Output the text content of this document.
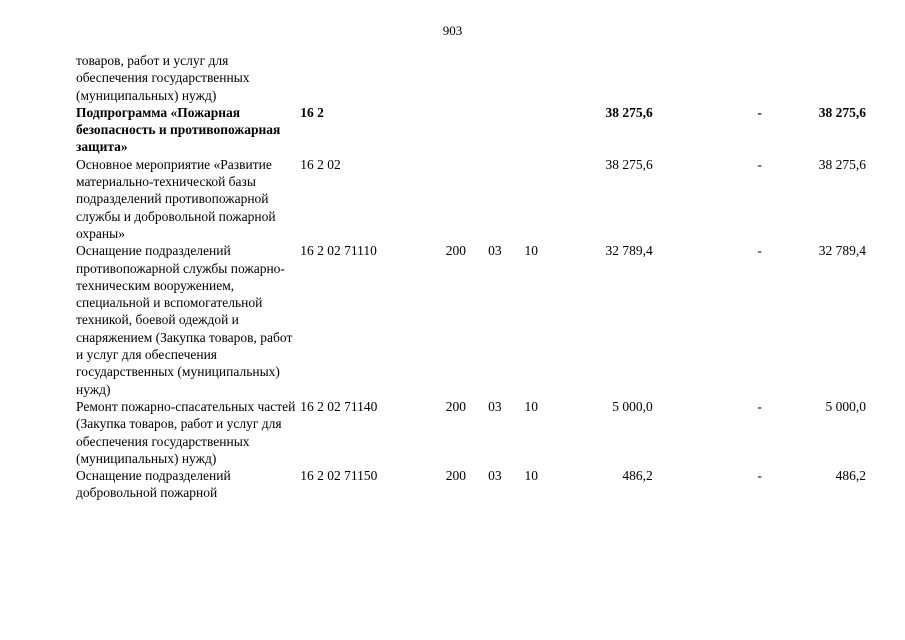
903
товаров, работ и услуг для обеспечения государственных (муниципальных) нужд)							
Подпрограмма «Пожарная безопасность и противопожарная защита»	16 2				38 275,6	-	38 275,6
Основное мероприятие «Развитие материально-технической базы подразделений противопожарной службы и добровольной пожарной охраны»	16 2 02				38 275,6	-	38 275,6
Оснащение подразделений противопожарной службы пожарно-техническим вооружением, специальной и вспомогательной техникой, боевой одеждой и снаряжением (Закупка товаров, работ и услуг для обеспечения государственных (муниципальных) нужд)	16 2 02 71110	200	03	10	32 789,4	-	32 789,4
Ремонт пожарно-спасательных частей (Закупка товаров, работ и услуг для обеспечения государственных (муниципальных) нужд)	16 2 02 71140	200	03	10	5 000,0	-	5 000,0
Оснащение подразделений добровольной пожарной	16 2 02 71150	200	03	10	486,2	-	486,2
